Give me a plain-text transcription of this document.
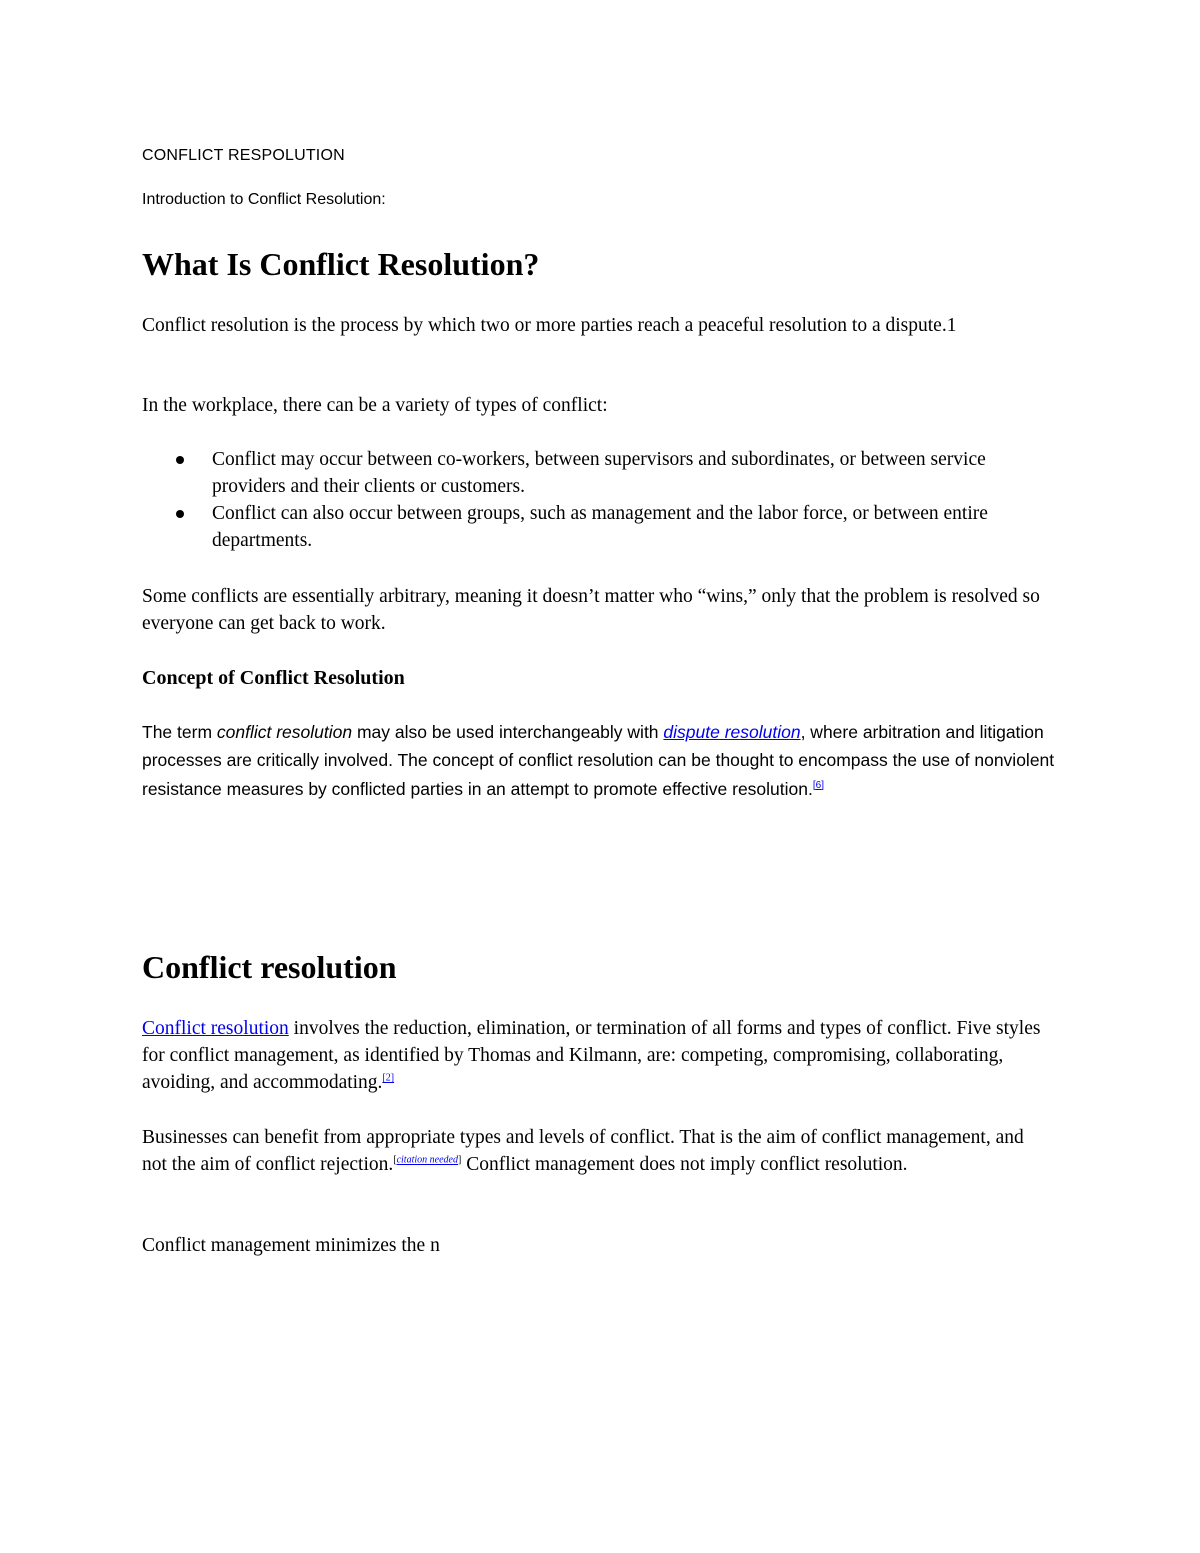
CONFLICT RESPOLUTION

Introduction to Conflict Resolution:

What Is Conflict Resolution?

Conflict resolution is the process by which two or more parties reach a peaceful resolution to a dispute.1

In the workplace, there can be a variety of types of conflict:

Conflict may occur between co-workers, between supervisors and subordinates, or between service providers and their clients or customers.
Conflict can also occur between groups, such as management and the labor force, or between entire departments.

Some conflicts are essentially arbitrary, meaning it doesn’t matter who “wins,” only that the problem is resolved so everyone can get back to work.

Concept of Conflict Resolution

The term conflict resolution may also be used interchangeably with dispute resolution, where arbitration and litigation processes are critically involved. The concept of conflict resolution can be thought to encompass the use of nonviolent resistance measures by conflicted parties in an attempt to promote effective resolution.[6]

Conflict resolution

Conflict resolution involves the reduction, elimination, or termination of all forms and types of conflict. Five styles for conflict management, as identified by Thomas and Kilmann, are: competing, compromising, collaborating, avoiding, and accommodating.[2]

Businesses can benefit from appropriate types and levels of conflict. That is the aim of conflict management, and not the aim of conflict rejection.[citation needed] Conflict management does not imply conflict resolution.

Conflict management minimizes the n
